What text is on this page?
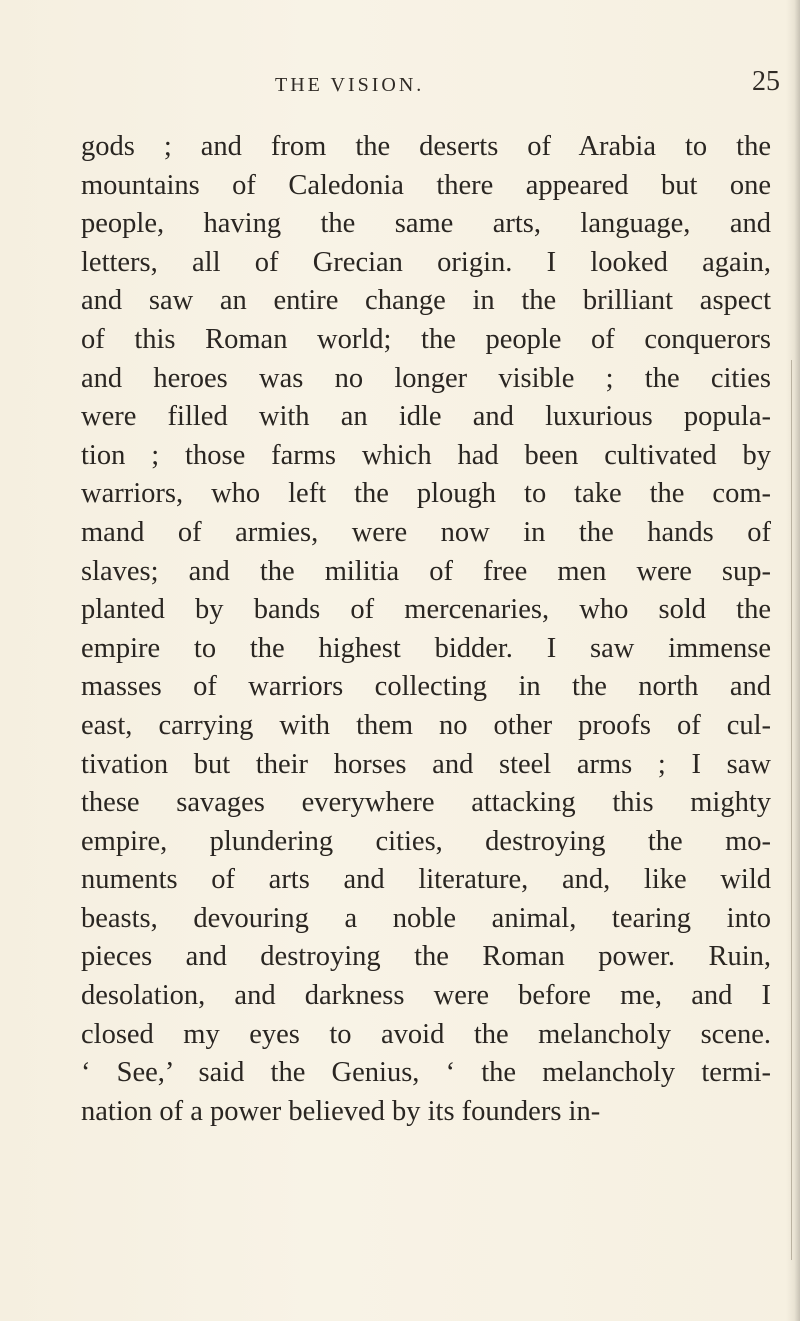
THE VISION.	25
gods ; and from the deserts of Arabia to the
mountains of Caledonia there appeared but one
people, having the same arts, language, and
letters, all of Grecian origin. I looked again,
and saw an entire change in the brilliant aspect
of this Roman world; the people of conquerors
and heroes was no longer visible ; the cities
were filled with an idle and luxurious popula-
tion ; those farms which had been cultivated by
warriors, who left the plough to take the com-
mand of armies, were now in the hands of
slaves; and the militia of free men were sup-
planted by bands of mercenaries, who sold the
empire to the highest bidder. I saw immense
masses of warriors collecting in the north and
east, carrying with them no other proofs of cul-
tivation but their horses and steel arms ; I saw
these savages everywhere attacking this mighty
empire, plundering cities, destroying the mo-
numents of arts and literature, and, like wild
beasts, devouring a noble animal, tearing into
pieces and destroying the Roman power. Ruin,
desolation, and darkness were before me, and I
closed my eyes to avoid the melancholy scene.
‘ See,’ said the Genius, ‘ the melancholy termi-
nation of a power believed by its founders in-
